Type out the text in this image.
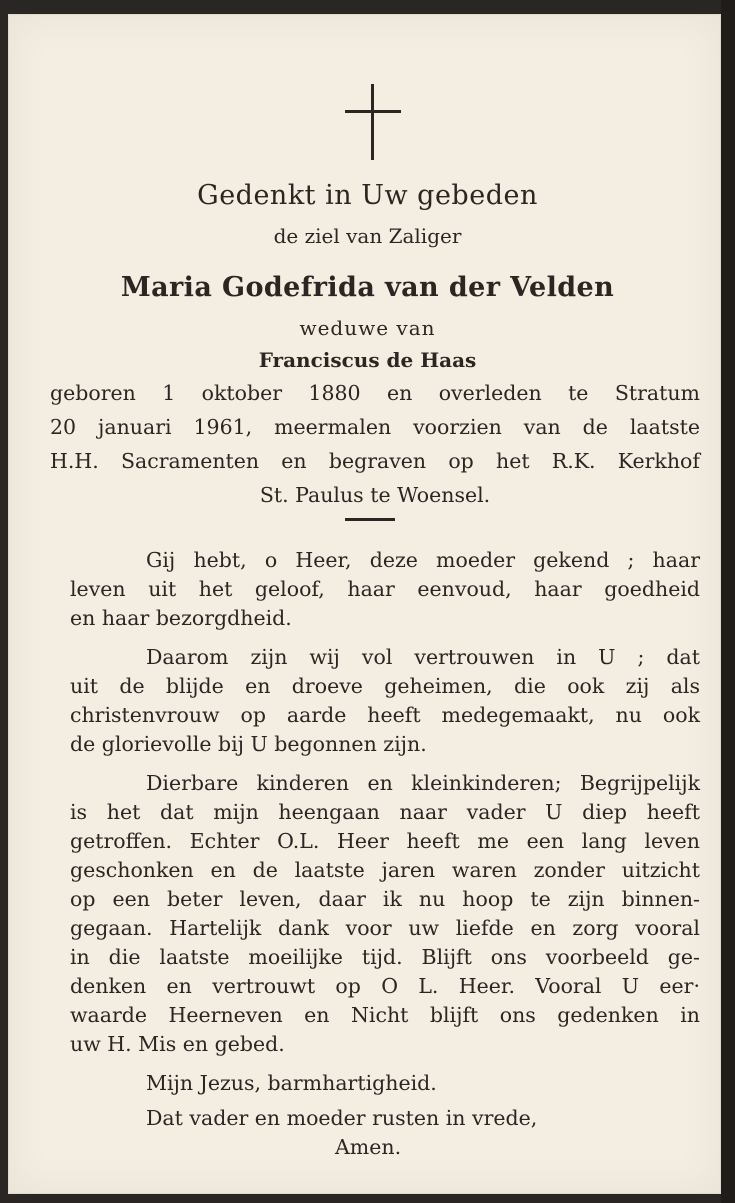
Gedenkt in Uw gebeden
de ziel van Zaliger
Maria Godefrida van der Velden
weduwe van
Franciscus de Haas
geboren 1 oktober 1880 en overleden te Stratum
20 januari 1961, meermalen voorzien van de laatste
H.H. Sacramenten en begraven op het R.K. Kerkhof
St. Paulus te Woensel.
Gij hebt, o Heer, deze moeder gekend ; haar
leven uit het geloof, haar eenvoud, haar goedheid
en haar bezorgdheid.
Daarom zijn wij vol vertrouwen in U ; dat
uit de blijde en droeve geheimen, die ook zij als
christenvrouw op aarde heeft medegemaakt, nu ook
de glorievolle bij U begonnen zijn.
Dierbare kinderen en kleinkinderen; Begrijpelijk
is het dat mijn heengaan naar vader U diep heeft
getroffen. Echter O.L. Heer heeft me een lang leven
geschonken en de laatste jaren waren zonder uitzicht
op een beter leven, daar ik nu hoop te zijn binnen-
gegaan. Hartelijk dank voor uw liefde en zorg vooral
in die laatste moeilijke tijd. Blijft ons voorbeeld ge-
denken en vertrouwt op O L. Heer. Vooral U eer·
waarde Heerneven en Nicht blijft ons gedenken in
uw H. Mis en gebed.
Mijn Jezus, barmhartigheid.
Dat vader en moeder rusten in vrede,
Amen.
